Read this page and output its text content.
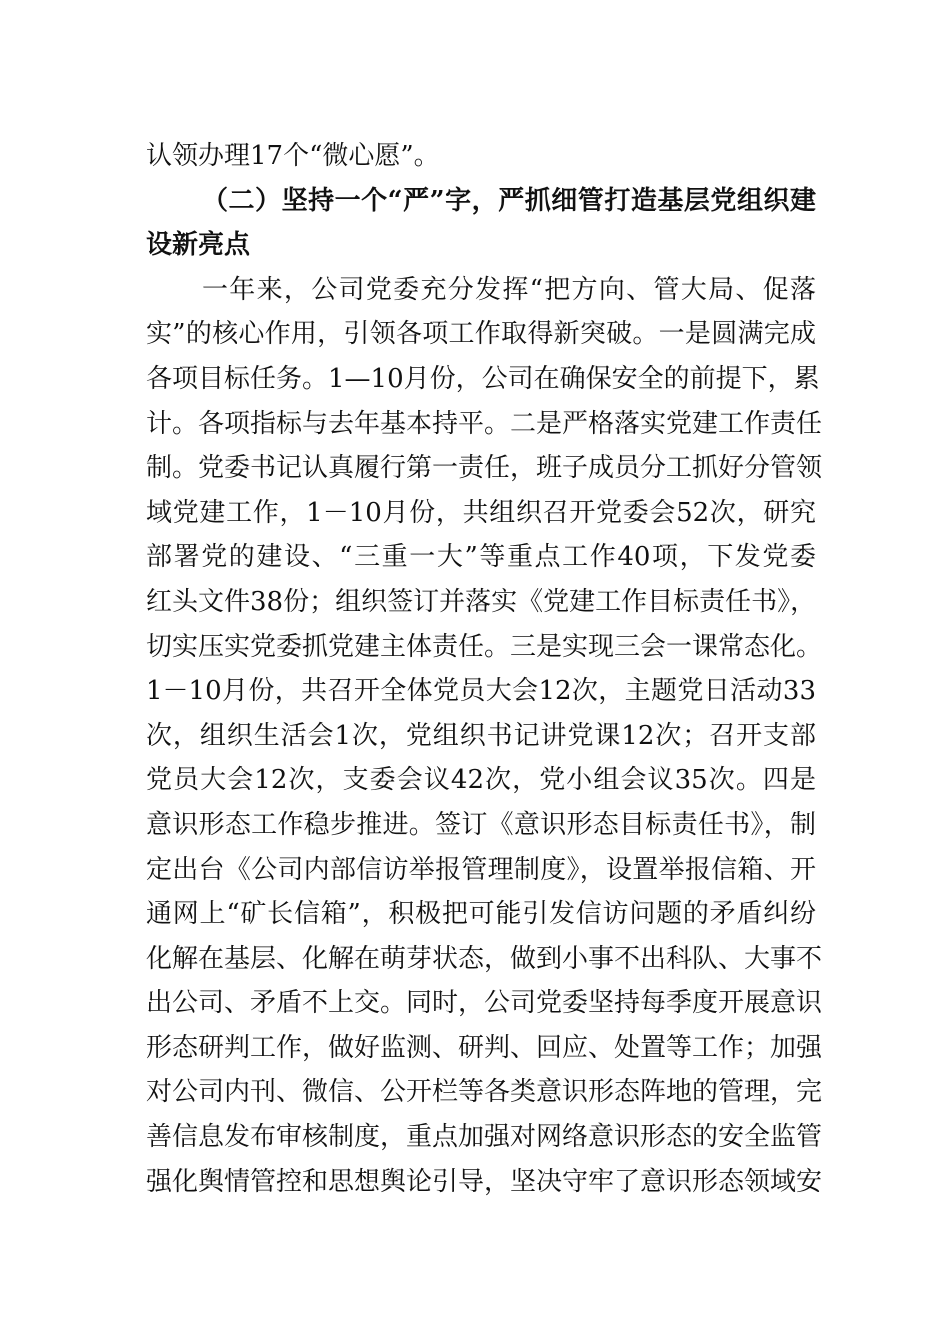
认领办理17个“微心愿”。
（二）坚持一个“严”字，严抓细管打造基层党组织建
设新亮点
一年来，公司党委充分发挥“把方向、管大局、促落
实”的核心作用，引领各项工作取得新突破。一是圆满完成
各项目标任务。1—10月份，公司在确保安全的前提下，累
计。各项指标与去年基本持平。二是严格落实党建工作责任
制。党委书记认真履行第一责任，班子成员分工抓好分管领
域党建工作，1－10月份，共组织召开党委会52次，研究
部署党的建设、“三重一大”等重点工作40项，下发党委
红头文件38份；组织签订并落实《党建工作目标责任书》，
切实压实党委抓党建主体责任。三是实现三会一课常态化。
1－10月份，共召开全体党员大会12次，主题党日活动33
次，组织生活会1次，党组织书记讲党课12次；召开支部
党员大会12次，支委会议42次，党小组会议35次。四是
意识形态工作稳步推进。签订《意识形态目标责任书》，制
定出台《公司内部信访举报管理制度》，设置举报信箱、开
通网上“矿长信箱”，积极把可能引发信访问题的矛盾纠纷
化解在基层、化解在萌芽状态，做到小事不出科队、大事不
出公司、矛盾不上交。同时，公司党委坚持每季度开展意识
形态研判工作，做好监测、研判、回应、处置等工作；加强
对公司内刊、微信、公开栏等各类意识形态阵地的管理，完
善信息发布审核制度，重点加强对网络意识形态的安全监管
强化舆情管控和思想舆论引导，坚决守牢了意识形态领域安
